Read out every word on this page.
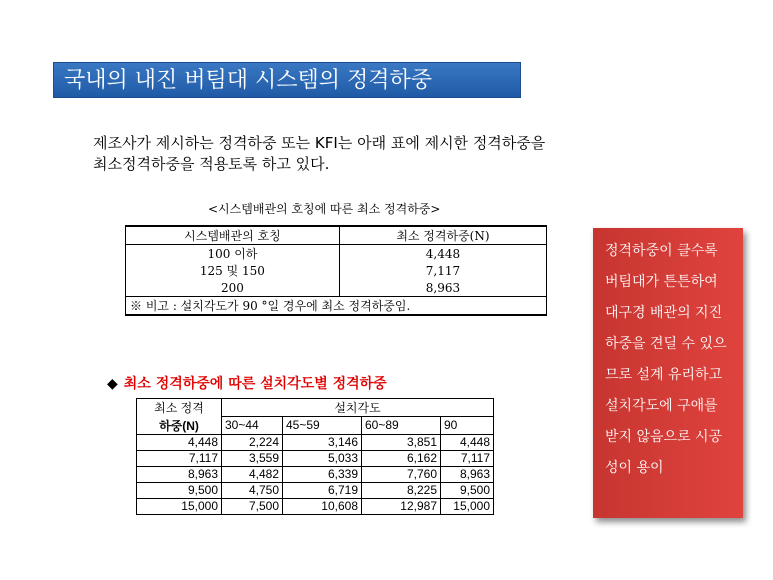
국내의 내진 버팀대 시스템의 정격하중

제조사가 제시하는 정격하중 또는 KFI는 아래 표에 제시한 정격하중을

최소정격하중을 적용토록 하고 있다.

<시스템배관의 호칭에 따른 최소 정격하중>
시스템배관의 호칭	최소 정격하중(N)
100 이하	4,448
125 및 150	7,117
200	8,963
※ 비고 : 설치각도가 90 °일 경우에 최소 정격하중임.	
◆ 최소 정격하중에 따른 설치각도별 정격하중
최소 정격	설치각도			
하중(N)	30~44	45~59	60~89	90
4,448	2,224	3,146	3,851	4,448
7,117	3,559	5,033	6,162	7,117
8,963	4,482	6,339	7,760	8,963
9,500	4,750	6,719	8,225	9,500
15,000	7,500	10,608	12,987	15,000
정격하중이 클수록
버팀대가 튼튼하여
대구경 배관의 지진
하중을 견딜 수 있으
므로 설계 유리하고
설치각도에 구애를
받지 않음으로 시공
성이 용이
